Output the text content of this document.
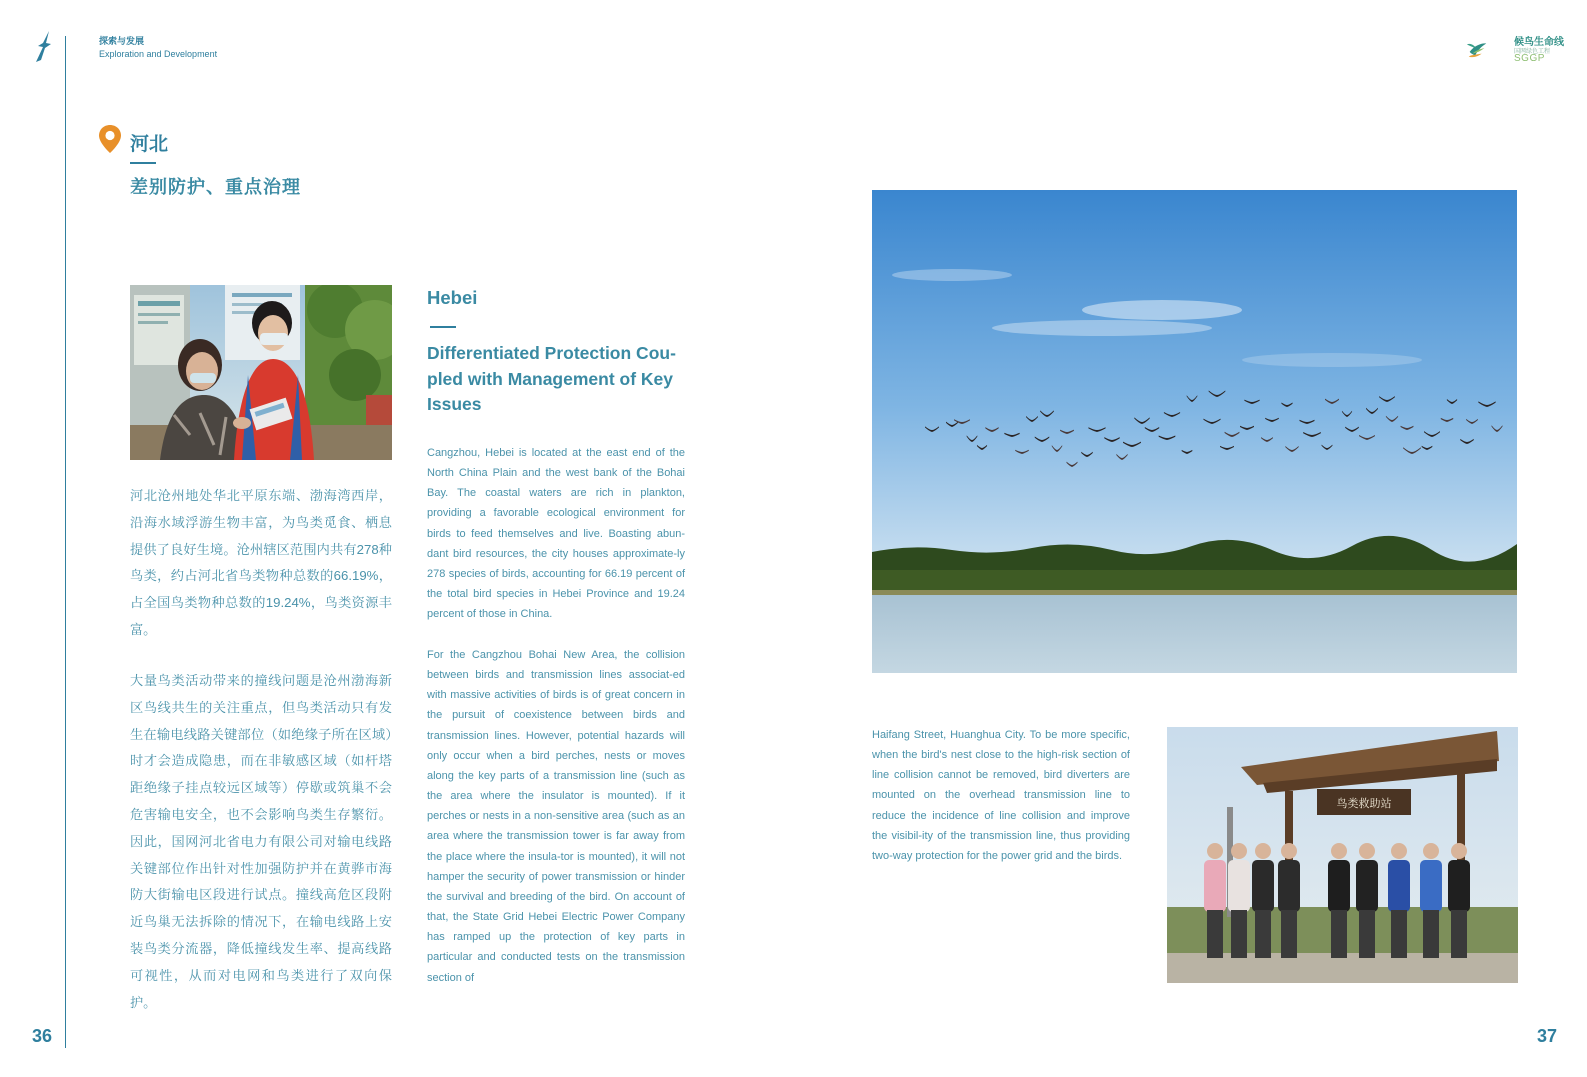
探索与发展
Exploration and Development
候鸟生命线
国网绿色工程
SGGP
河北
差别防护、重点治理

河北沧州地处华北平原东端、渤海湾西岸，沿海水域浮游生物丰富，为鸟类觅食、栖息提供了良好生境。沧州辖区范围内共有278种鸟类，约占河北省鸟类物种总数的66.19%，占全国鸟类物种总数的19.24%，鸟类资源丰富。

大量鸟类活动带来的撞线问题是沧州渤海新区鸟线共生的关注重点，但鸟类活动只有发生在输电线路关键部位（如绝缘子所在区域）时才会造成隐患，而在非敏感区域（如杆塔距绝缘子挂点较远区域等）停歇或筑巢不会危害输电安全，也不会影响鸟类生存繁衍。因此，国网河北省电力有限公司对输电线路关键部位作出针对性加强防护并在黄骅市海防大街输电区段进行试点。撞线高危区段附近鸟巢无法拆除的情况下，在输电线路上安装鸟类分流器，降低撞线发生率、提高线路可视性，从而对电网和鸟类进行了双向保护。

Hebei
Differentiated Protection Cou-pled with Management of Key Issues

Cangzhou, Hebei is located at the east end of the North China Plain and the west bank of the Bohai Bay. The coastal waters are rich in plankton, providing a favorable ecological environment for birds to feed themselves and live. Boasting abun-dant bird resources, the city houses approximate-ly 278 species of birds, accounting for 66.19 percent of the total bird species in Hebei Province and 19.24 percent of those in China.

For the Cangzhou Bohai New Area, the collision between birds and transmission lines associat-ed with massive activities of birds is of great concern in the pursuit of coexistence between birds and transmission lines. However, potential hazards will only occur when a bird perches, nests or moves along the key parts of a transmission line (such as the area where the insulator is mounted). If it perches or nests in a non-sensitive area (such as an area where the transmission tower is far away from the place where the insula-tor is mounted), it will not hamper the security of power transmission or hinder the survival and breeding of the bird. On account of that, the State Grid Hebei Electric Power Company has ramped up the protection of key parts in particular and conducted tests on the transmission section of

Haifang Street, Huanghua City. To be more specific, when the bird's nest close to the high-risk section of line collision cannot be removed, bird diverters are mounted on the overhead transmission line to reduce the incidence of line collision and improve the visibil-ity of the transmission line, thus providing two-way protection for the power grid and the birds.

鸟类救助站
36	37
